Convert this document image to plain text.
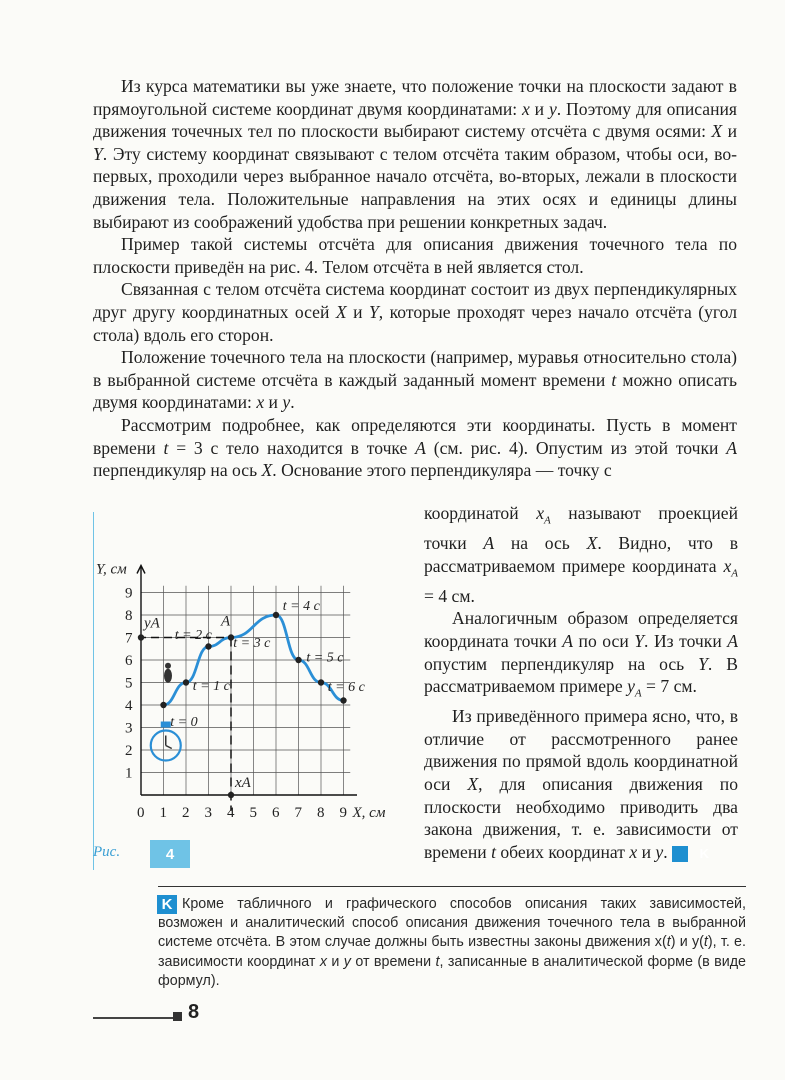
Из курса математики вы уже знаете, что положение точки на плоскости задают в прямоугольной системе координат двумя координатами: x и y. Поэтому для описания движения точечных тел по плоскости выбирают систему отсчёта с двумя осями: X и Y. Эту систему координат связывают с телом отсчёта таким образом, чтобы оси, во-первых, проходили через выбранное начало отсчёта, во-вторых, лежали в плоскости движения тела. Положительные направления на этих осях и единицы длины выбирают из соображений удобства при решении конкретных задач.

Пример такой системы отсчёта для описания движения точечного тела по плоскости приведён на рис. 4. Телом отсчёта в ней является стол.

Связанная с телом отсчёта система координат состоит из двух перпендикулярных друг другу координатных осей X и Y, которые проходят через начало отсчёта (угол стола) вдоль его сторон.

Положение точечного тела на плоскости (например, муравья относительно стола) в выбранной системе отсчёта в каждый заданный момент времени t можно описать двумя координатами: x и y.

Рассмотрим подробнее, как определяются эти координаты. Пусть в момент времени t = 3 с тело находится в точке A (см. рис. 4). Опустим из этой точки A перпендикуляр на ось X. Основание этого перпендикуляра — точку с

координатой $x_A$ называют проекцией точки A на ось X. Видно, что в рассматриваемом примере координата $x_A = 4$ см.

Аналогичным образом определяется координата точки A по оси Y. Из точки A опустим перпендикуляр на ось Y. В рассматриваемом примере $y_A = 7$ см.

Из приведённого примера ясно, что, в отличие от рассмотренного ранее движения по прямой вдоль координатной оси X, для описания движения по плоскости необходимо приводить два закона движения, т. е. зависимости от времени t обеих координат x и y. K

1
2
3
4
5
6
7
8
9
0 1 2 3 4 5 6 7 8 9
Y, см
X, см
t = 0
t = 1 с
t = 2 с
t = 3 с
t = 4 с
t = 5 с
t = 6 с
A
yA
xA
Рис.	4
K Кроме табличного и графического способов описания таких зависимостей, возможен и аналитический способ описания движения точечного тела в выбранной системе отсчёта. В этом случае должны быть известны законы движения x(t) и y(t), т. е. зависимости координат x и y от времени t, записанные в аналитической форме (в виде формул).
8
